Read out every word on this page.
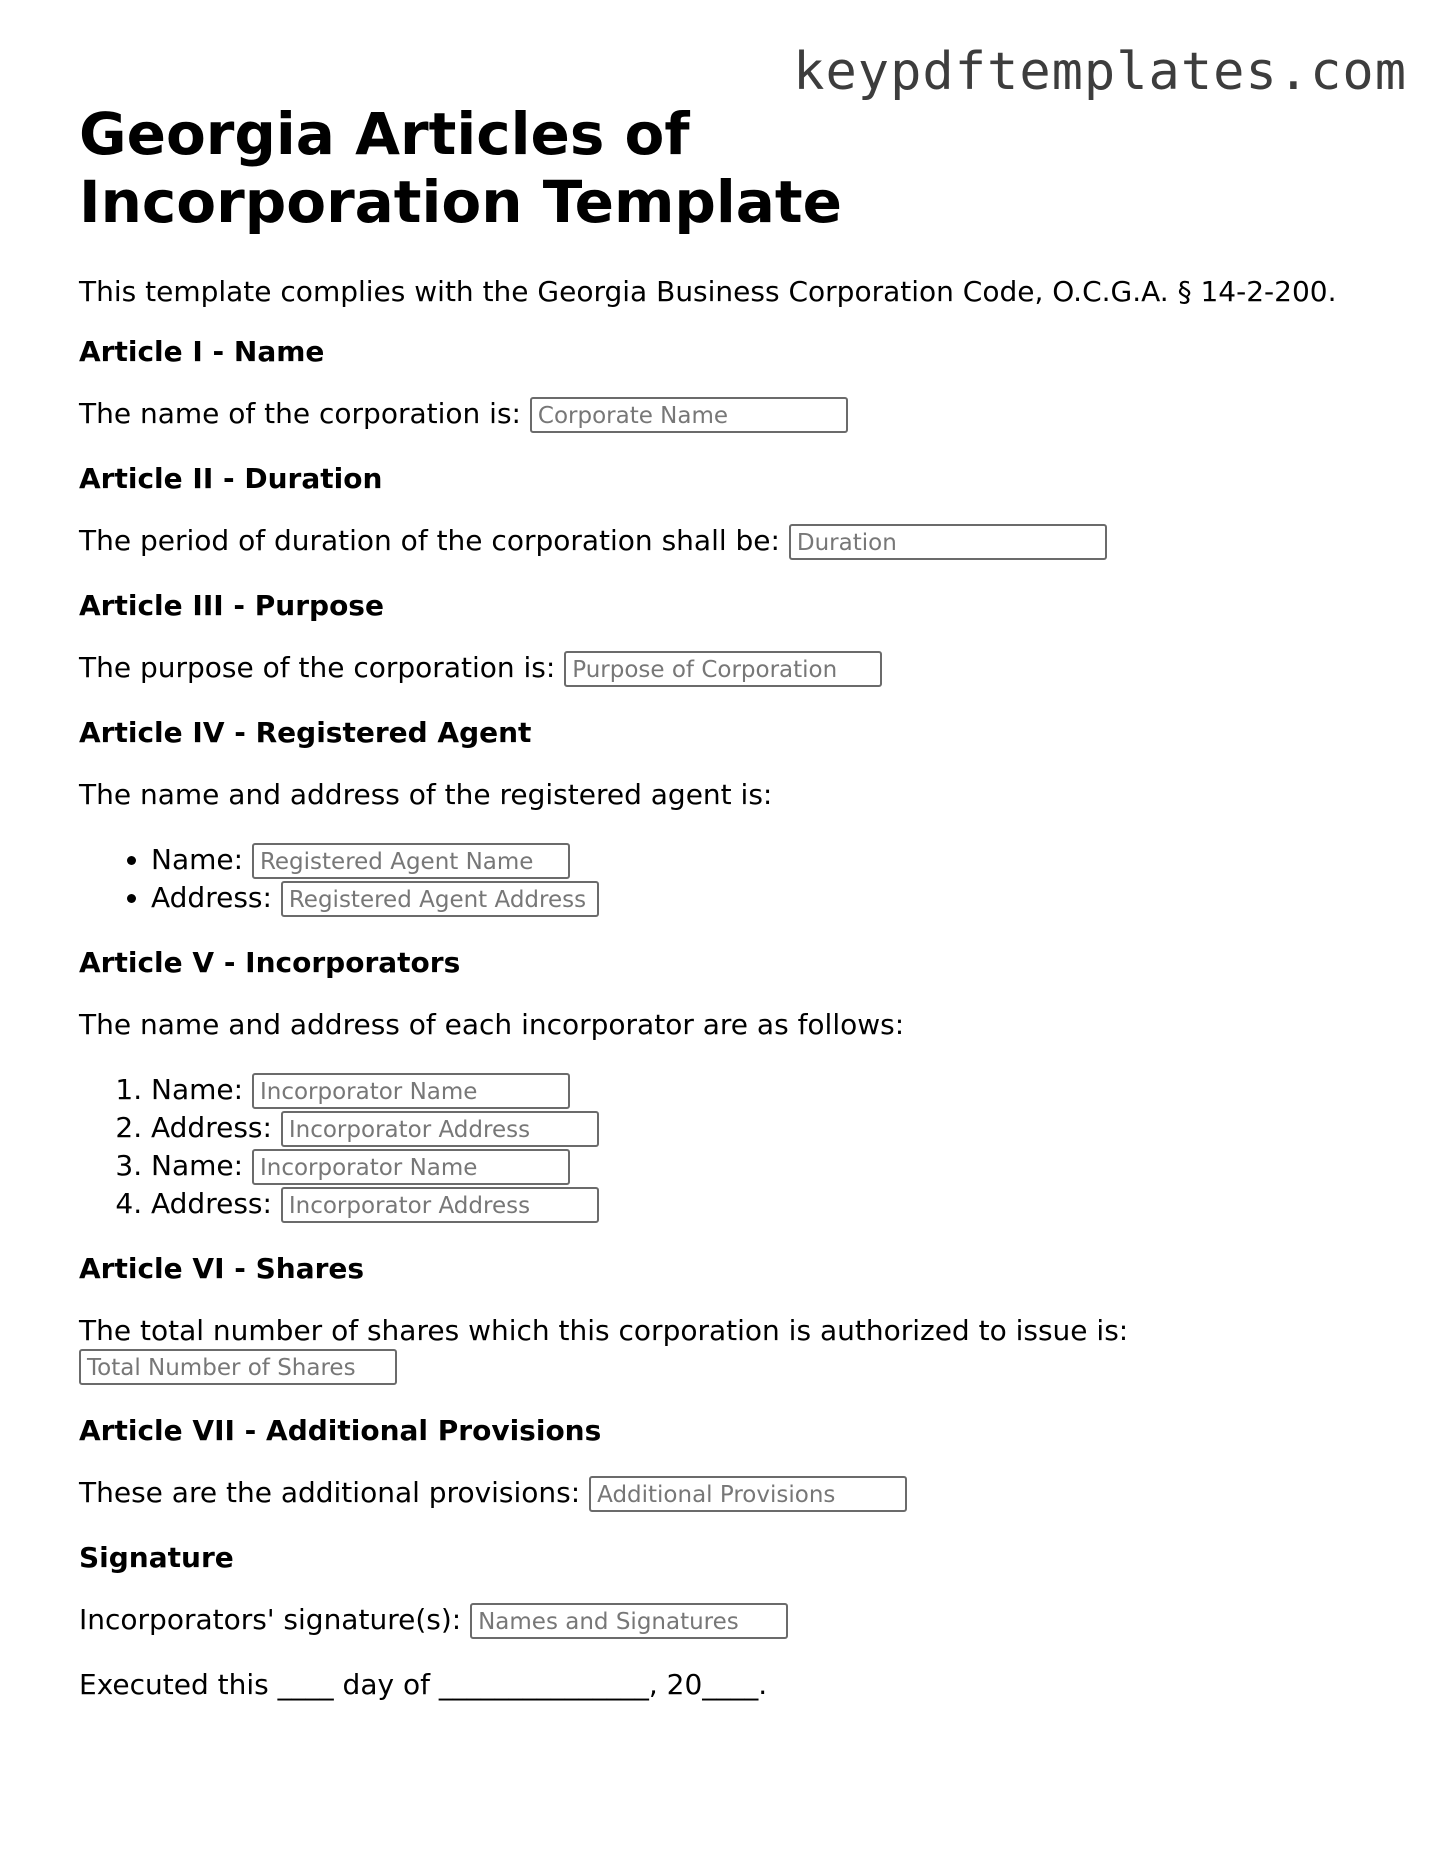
keypdftemplates.com
Georgia Articles of Incorporation Template

This template complies with the Georgia Business Corporation Code, O.C.G.A. § 14-2-200.

Article I - Name

The name of the corporation is: Corporate Name

Article II - Duration

The period of duration of the corporation shall be: Duration

Article III - Purpose

The purpose of the corporation is: Purpose of Corporation

Article IV - Registered Agent

The name and address of the registered agent is:

• Name: Registered Agent Name
• Address: Registered Agent Address
Article V - Incorporators

The name and address of each incorporator are as follows:

1. Name: Incorporator Name
2. Address: Incorporator Address
3. Name: Incorporator Name
4. Address: Incorporator Address
Article VI - Shares

The total number of shares which this corporation is authorized to issue is:
Total Number of Shares

Article VII - Additional Provisions

These are the additional provisions: Additional Provisions

Signature

Incorporators' signature(s): Names and Signatures

Executed this ____ day of _______________, 20____.
